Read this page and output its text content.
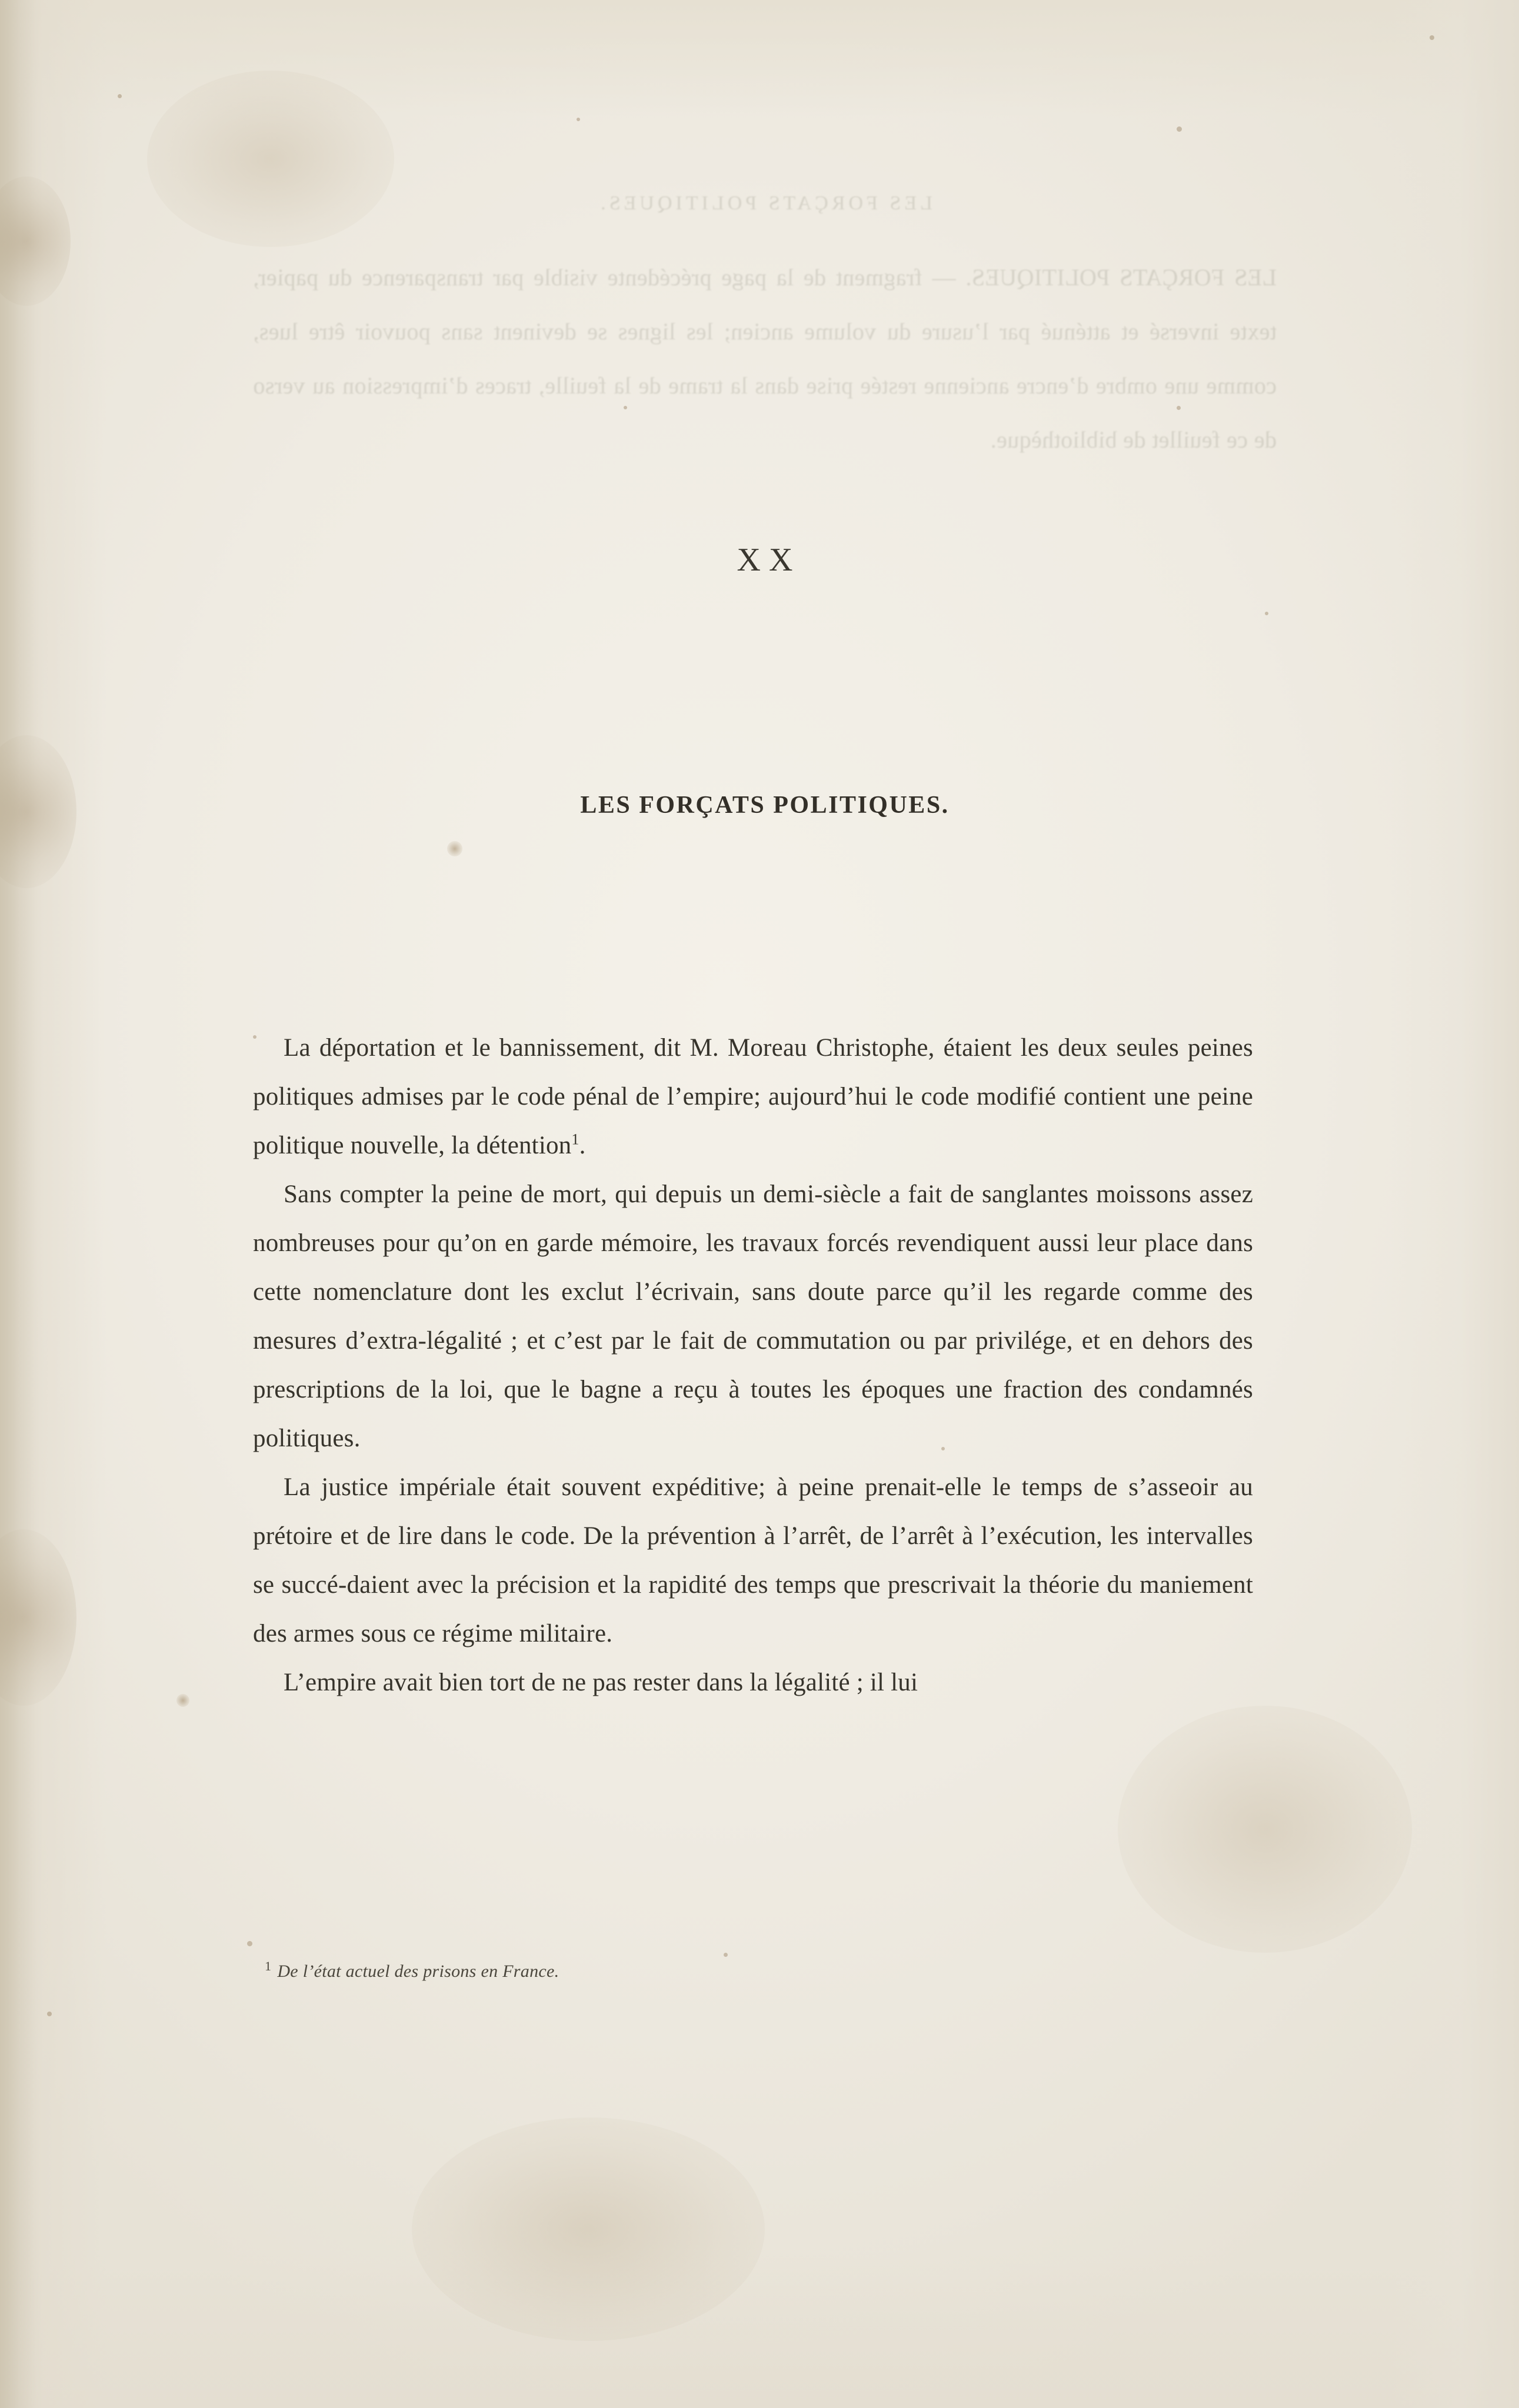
LES FORÇATS POLITIQUES.
LES FORÇATS POLITIQUES. — fragment de la page précédente visible par transparence du papier, texte inversé et atténué par l’usure du volume ancien; les lignes se devinent sans pouvoir être lues, comme une ombre d’encre ancienne restée prise dans la trame de la feuille, traces d’impression au verso de ce feuillet de bibliothèque.
XX
LES FORÇATS POLITIQUES.

La déportation et le bannissement, dit M. Moreau Christophe, étaient les deux seules peines politiques admises par le code pénal de l’empire; aujourd’hui le code modifié contient une peine politique nouvelle, la détention$^1$.

Sans compter la peine de mort, qui depuis un demi-siècle a fait de sanglantes moissons assez nombreuses pour qu’on en garde mémoire, les travaux forcés revendiquent aussi leur place dans cette nomenclature dont les exclut l’écrivain, sans doute parce qu’il les regarde comme des mesures d’extra-légalité ; et c’est par le fait de commutation ou par privilége, et en dehors des prescriptions de la loi, que le bagne a reçu à toutes les époques une fraction des condamnés politiques.

La justice impériale était souvent expéditive; à peine prenait-elle le temps de s’asseoir au prétoire et de lire dans le code. De la prévention à l’arrêt, de l’arrêt à l’exécution, les intervalles se succé-daient avec la précision et la rapidité des temps que prescrivait la théorie du maniement des armes sous ce régime militaire.

L’empire avait bien tort de ne pas rester dans la légalité ; il lui

$^1$ De l’état actuel des prisons en France.
